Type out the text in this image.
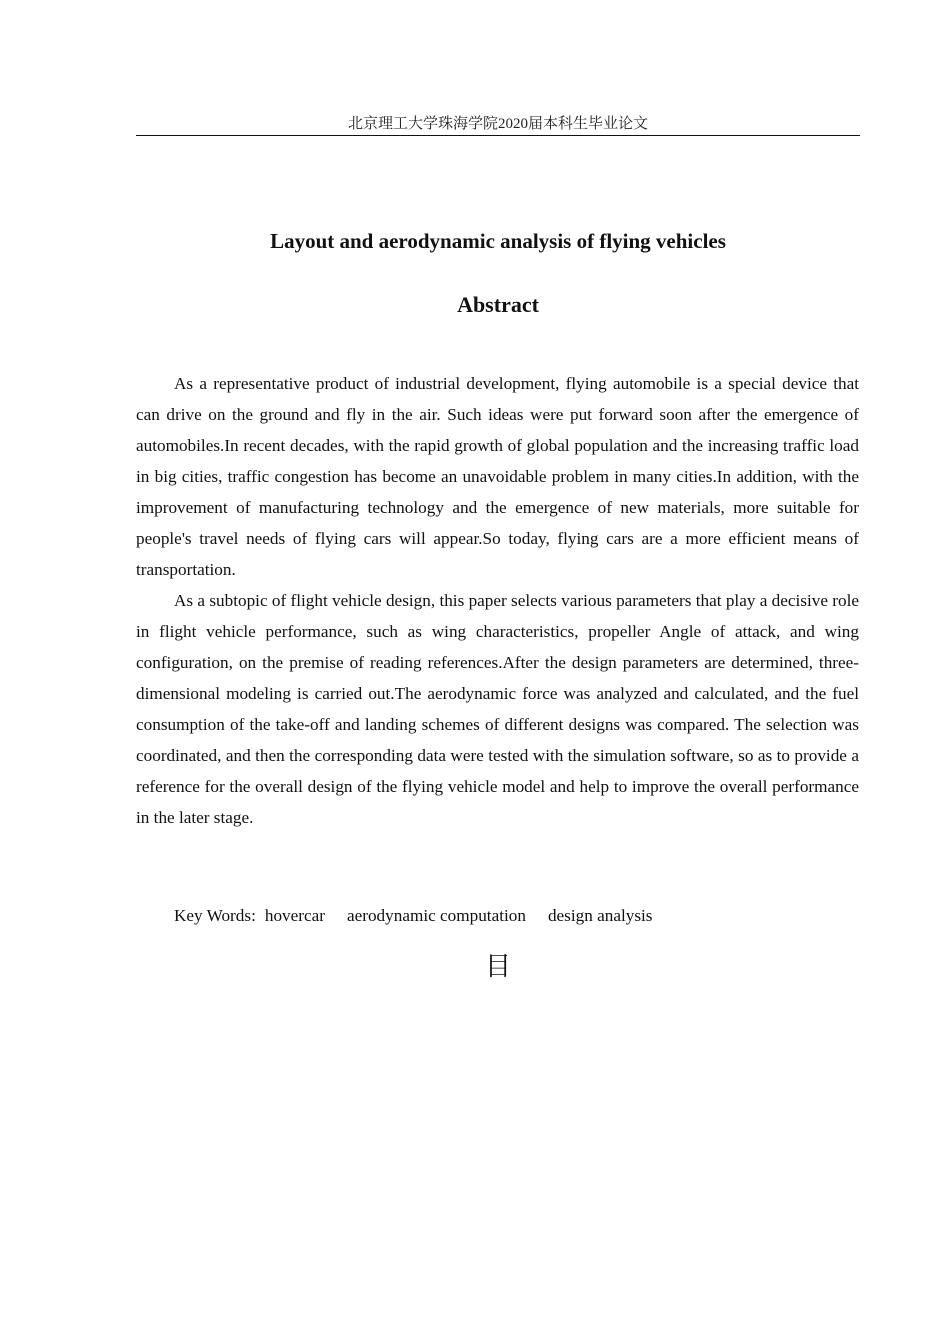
北京理工大学珠海学院2020届本科生毕业论文
Layout and aerodynamic analysis of flying vehicles
Abstract

As a representative product of industrial development, flying automobile is a special device that can drive on the ground and fly in the air. Such ideas were put forward soon after the emergence of automobiles.In recent decades, with the rapid growth of global population and the increasing traffic load in big cities, traffic congestion has become an unavoidable problem in many cities.In addition, with the improvement of manufacturing technology and the emergence of new materials, more suitable for people's travel needs of flying cars will appear.So today, flying cars are a more efficient means of transportation.

As a subtopic of flight vehicle design, this paper selects various parameters that play a decisive role in flight vehicle performance, such as wing characteristics, propeller Angle of attack, and wing configuration, on the premise of reading references.After the design parameters are determined, three-dimensional modeling is carried out.The aerodynamic force was analyzed and calculated, and the fuel consumption of the take-off and landing schemes of different designs was compared. The selection was coordinated, and then the corresponding data were tested with the simulation software, so as to provide a reference for the overall design of the flying vehicle model and help to improve the overall performance in the later stage.

Key Words: hovercar aerodynamic computation design analysis
目
